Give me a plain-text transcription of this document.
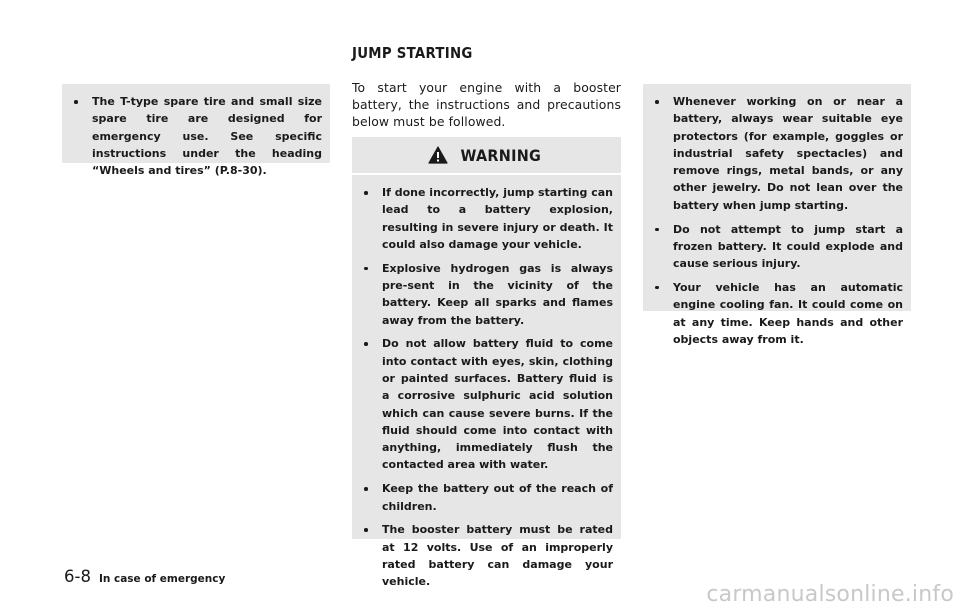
JUMP STARTING
The T-type spare tire and small size spare tire are designed for emergency use. See specific instructions under the heading “Wheels and tires” (P.8-30).

To start your engine with a booster battery, the instructions and precautions below must be followed.

WARNING
If done incorrectly, jump starting can lead to a battery explosion, resulting in severe injury or death. It could also damage your vehicle.
Explosive hydrogen gas is always pre-sent in the vicinity of the battery. Keep all sparks and flames away from the battery.
Do not allow battery fluid to come into contact with eyes, skin, clothing or painted surfaces. Battery fluid is a corrosive sulphuric acid solution which can cause severe burns. If the fluid should come into contact with anything, immediately flush the contacted area with water.
Keep the battery out of the reach of children.
The booster battery must be rated at 12 volts. Use of an improperly rated battery can damage your vehicle.
Whenever working on or near a battery, always wear suitable eye protectors (for example, goggles or industrial safety spectacles) and remove rings, metal bands, or any other jewelry. Do not lean over the battery when jump starting.
Do not attempt to jump start a frozen battery. It could explode and cause serious injury.
Your vehicle has an automatic engine cooling fan. It could come on at any time. Keep hands and other objects away from it.
6-8 In case of emergency
carmanualsonline.info
